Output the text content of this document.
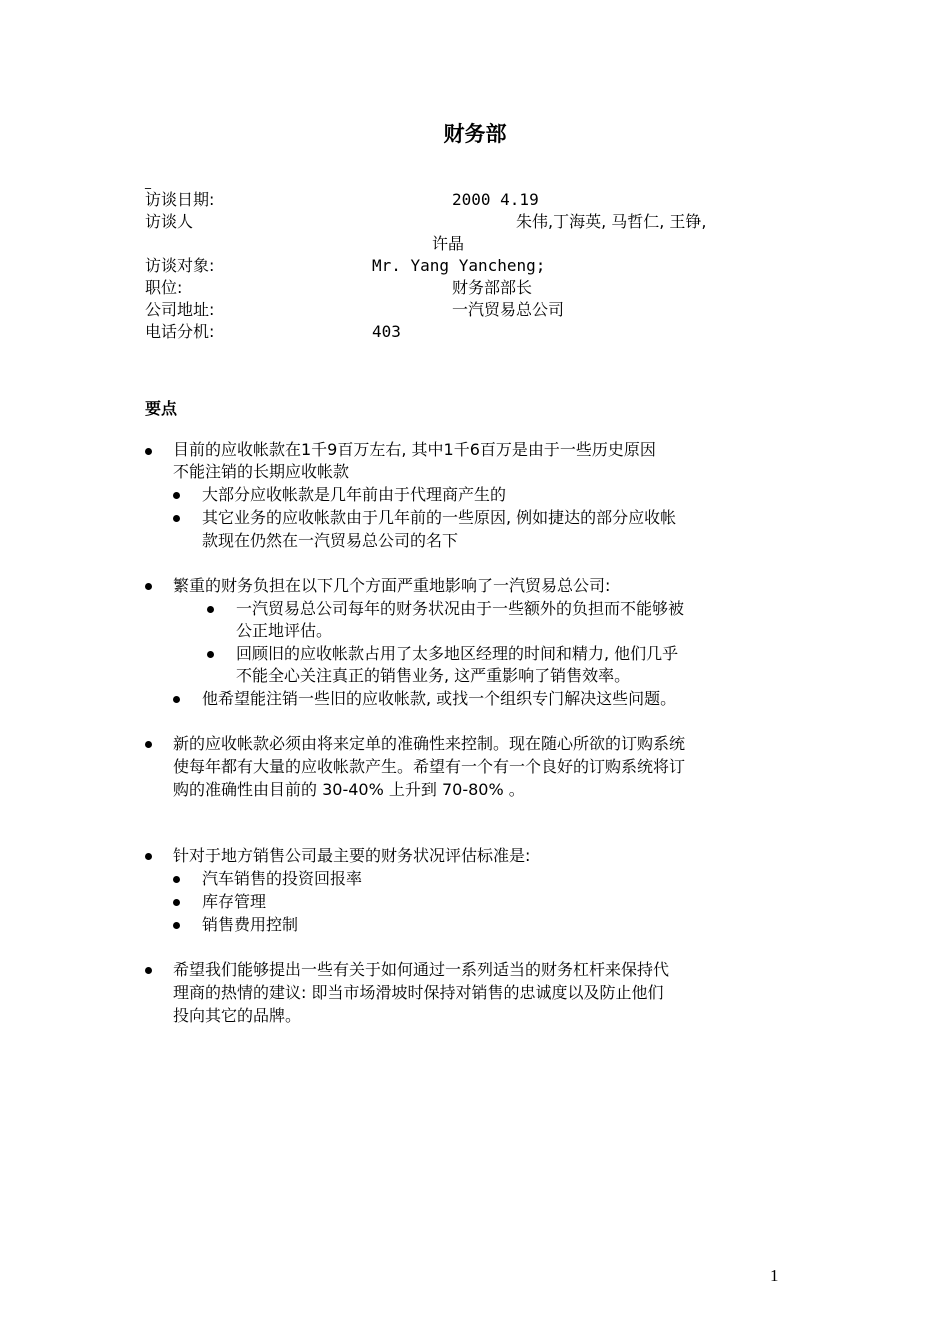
财务部
_
访谈日期:	2000 4.19
访谈人	朱伟,丁海英, 马哲仁, 王铮,
许晶
访谈对象:	Mr. Yang Yancheng;
职位:	财务部部长
公司地址:	一汽贸易总公司
电话分机:	403
要点
目前的应收帐款在1千9百万左右, 其中1千6百万是由于一些历史原因
不能注销的长期应收帐款
大部分应收帐款是几年前由于代理商产生的
其它业务的应收帐款由于几年前的一些原因, 例如捷达的部分应收帐
款现在仍然在一汽贸易总公司的名下
繁重的财务负担在以下几个方面严重地影响了一汽贸易总公司:
一汽贸易总公司每年的财务状况由于一些额外的负担而不能够被
公正地评估。
回顾旧的应收帐款占用了太多地区经理的时间和精力, 他们几乎
不能全心关注真正的销售业务, 这严重影响了销售效率。
他希望能注销一些旧的应收帐款, 或找一个组织专门解决这些问题。
新的应收帐款必须由将来定单的准确性来控制。现在随心所欲的订购系统
使每年都有大量的应收帐款产生。希望有一个有一个良好的订购系统将订
购的准确性由目前的 30-40% 上升到 70-80% 。
针对于地方销售公司最主要的财务状况评估标准是:
汽车销售的投资回报率
库存管理
销售费用控制
希望我们能够提出一些有关于如何通过一系列适当的财务杠杆来保持代
理商的热情的建议: 即当市场滑坡时保持对销售的忠诚度以及防止他们
投向其它的品牌。
1
